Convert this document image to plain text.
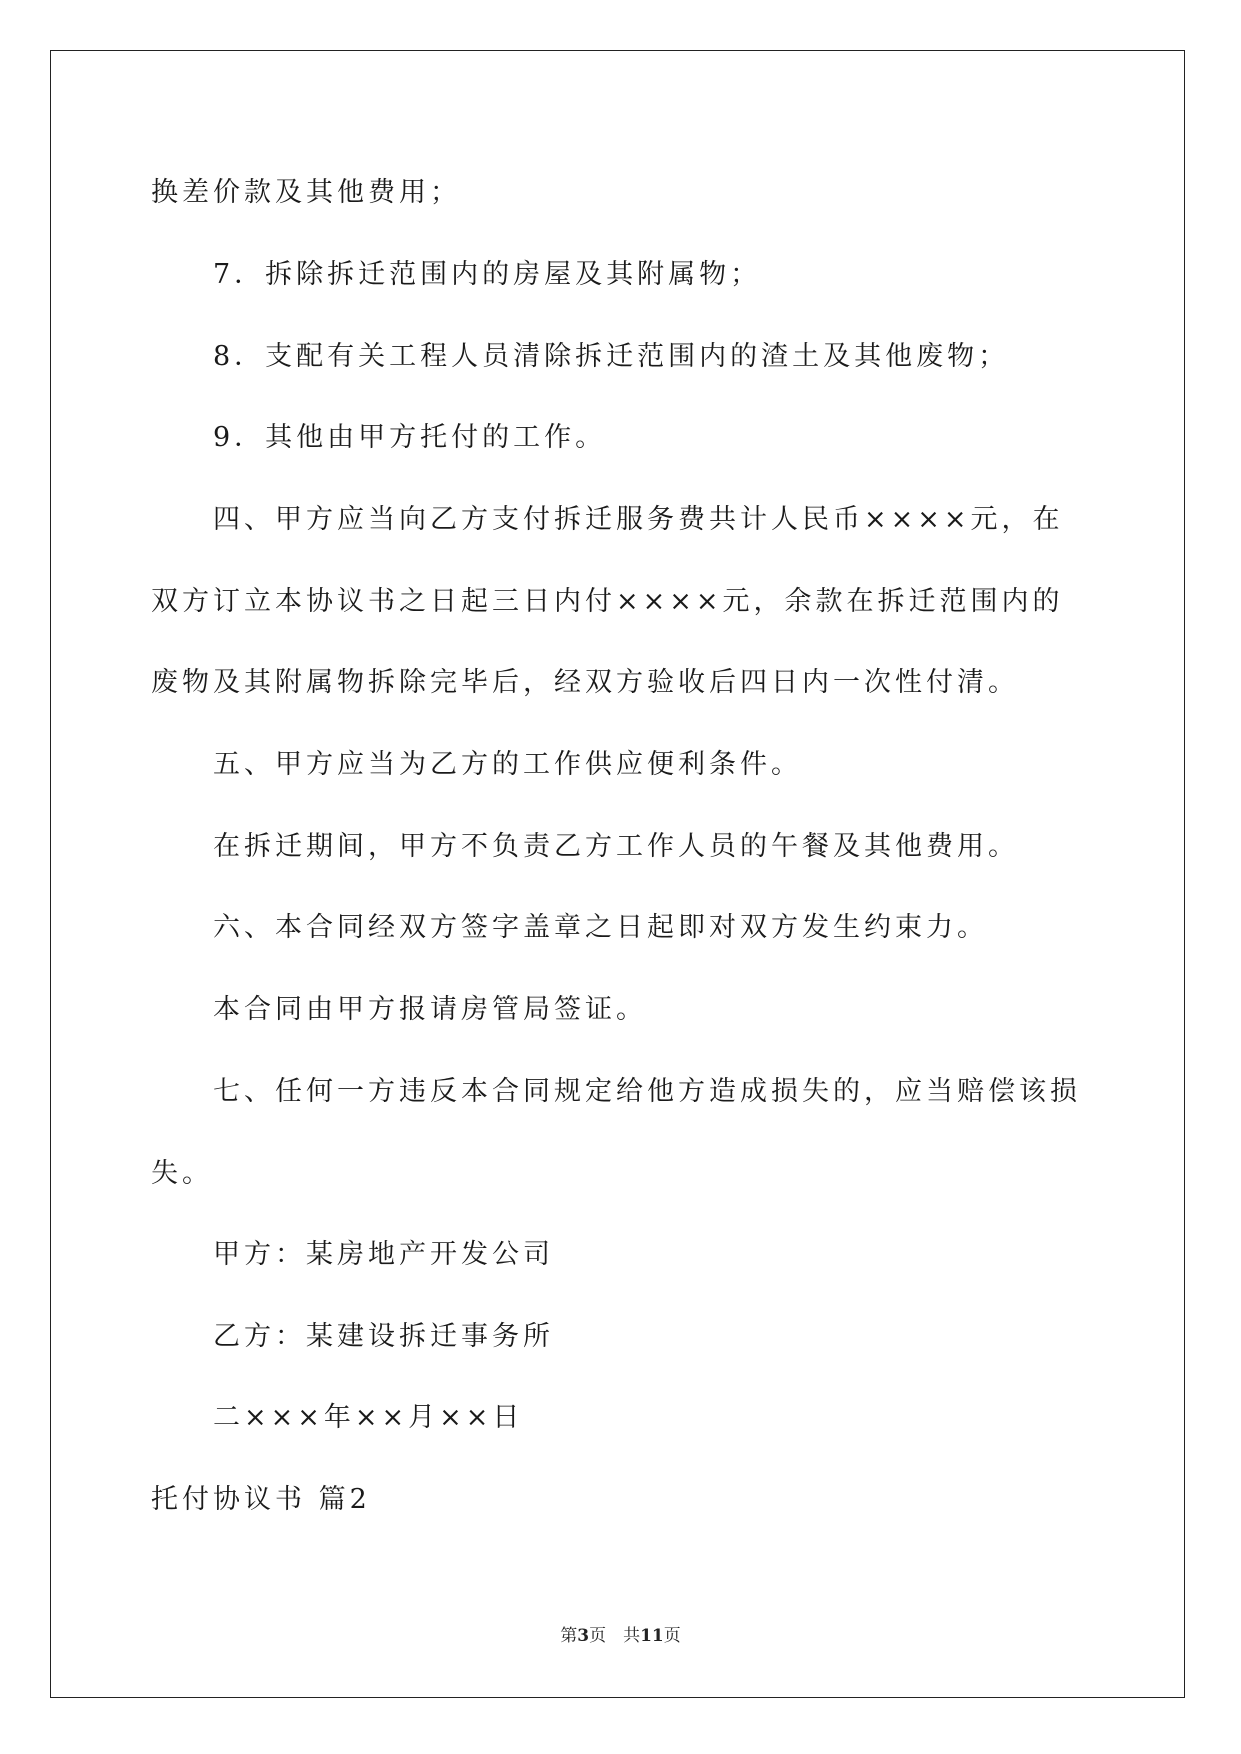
换差价款及其他费用；
7．拆除拆迁范围内的房屋及其附属物；
8．支配有关工程人员清除拆迁范围内的渣土及其他废物；
9．其他由甲方托付的工作。
四、甲方应当向乙方支付拆迁服务费共计人民币××××元，在
双方订立本协议书之日起三日内付××××元，余款在拆迁范围内的
废物及其附属物拆除完毕后，经双方验收后四日内一次性付清。
五、甲方应当为乙方的工作供应便利条件。
在拆迁期间，甲方不负责乙方工作人员的午餐及其他费用。
六、本合同经双方签字盖章之日起即对双方发生约束力。
本合同由甲方报请房管局签证。
七、任何一方违反本合同规定给他方造成损失的，应当赔偿该损
失。
甲方：某房地产开发公司
乙方：某建设拆迁事务所
二×××年××月××日
托付协议书 篇2
第3页　共11页
